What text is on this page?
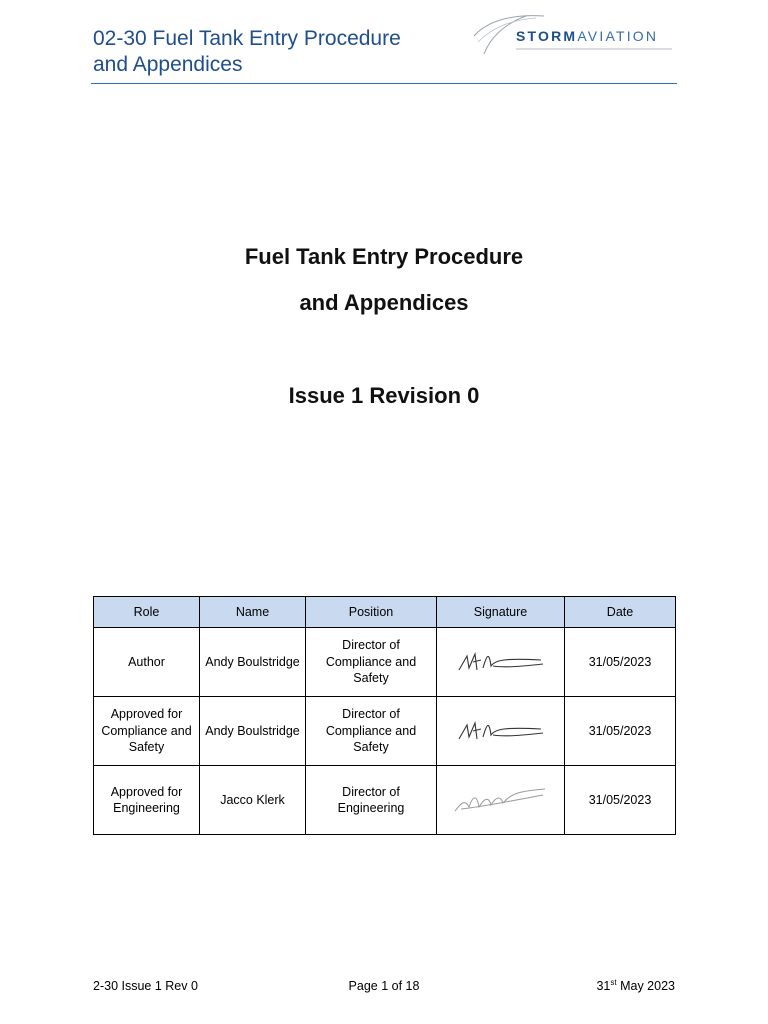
02-30 Fuel Tank Entry Procedure
and Appendices
STORMAVIATION
Fuel Tank Entry Procedure
and Appendices
Issue 1 Revision 0
Role	Name	Position	Signature	Date
Author	Andy Boulstridge	Director of Compliance and Safety		31/05/2023
Approved for Compliance and Safety	Andy Boulstridge	Director of Compliance and Safety		31/05/2023
Approved for Engineering	Jacco Klerk	Director of Engineering		31/05/2023
2-30 Issue 1 Rev 0	Page 1 of 18	31st May 2023
